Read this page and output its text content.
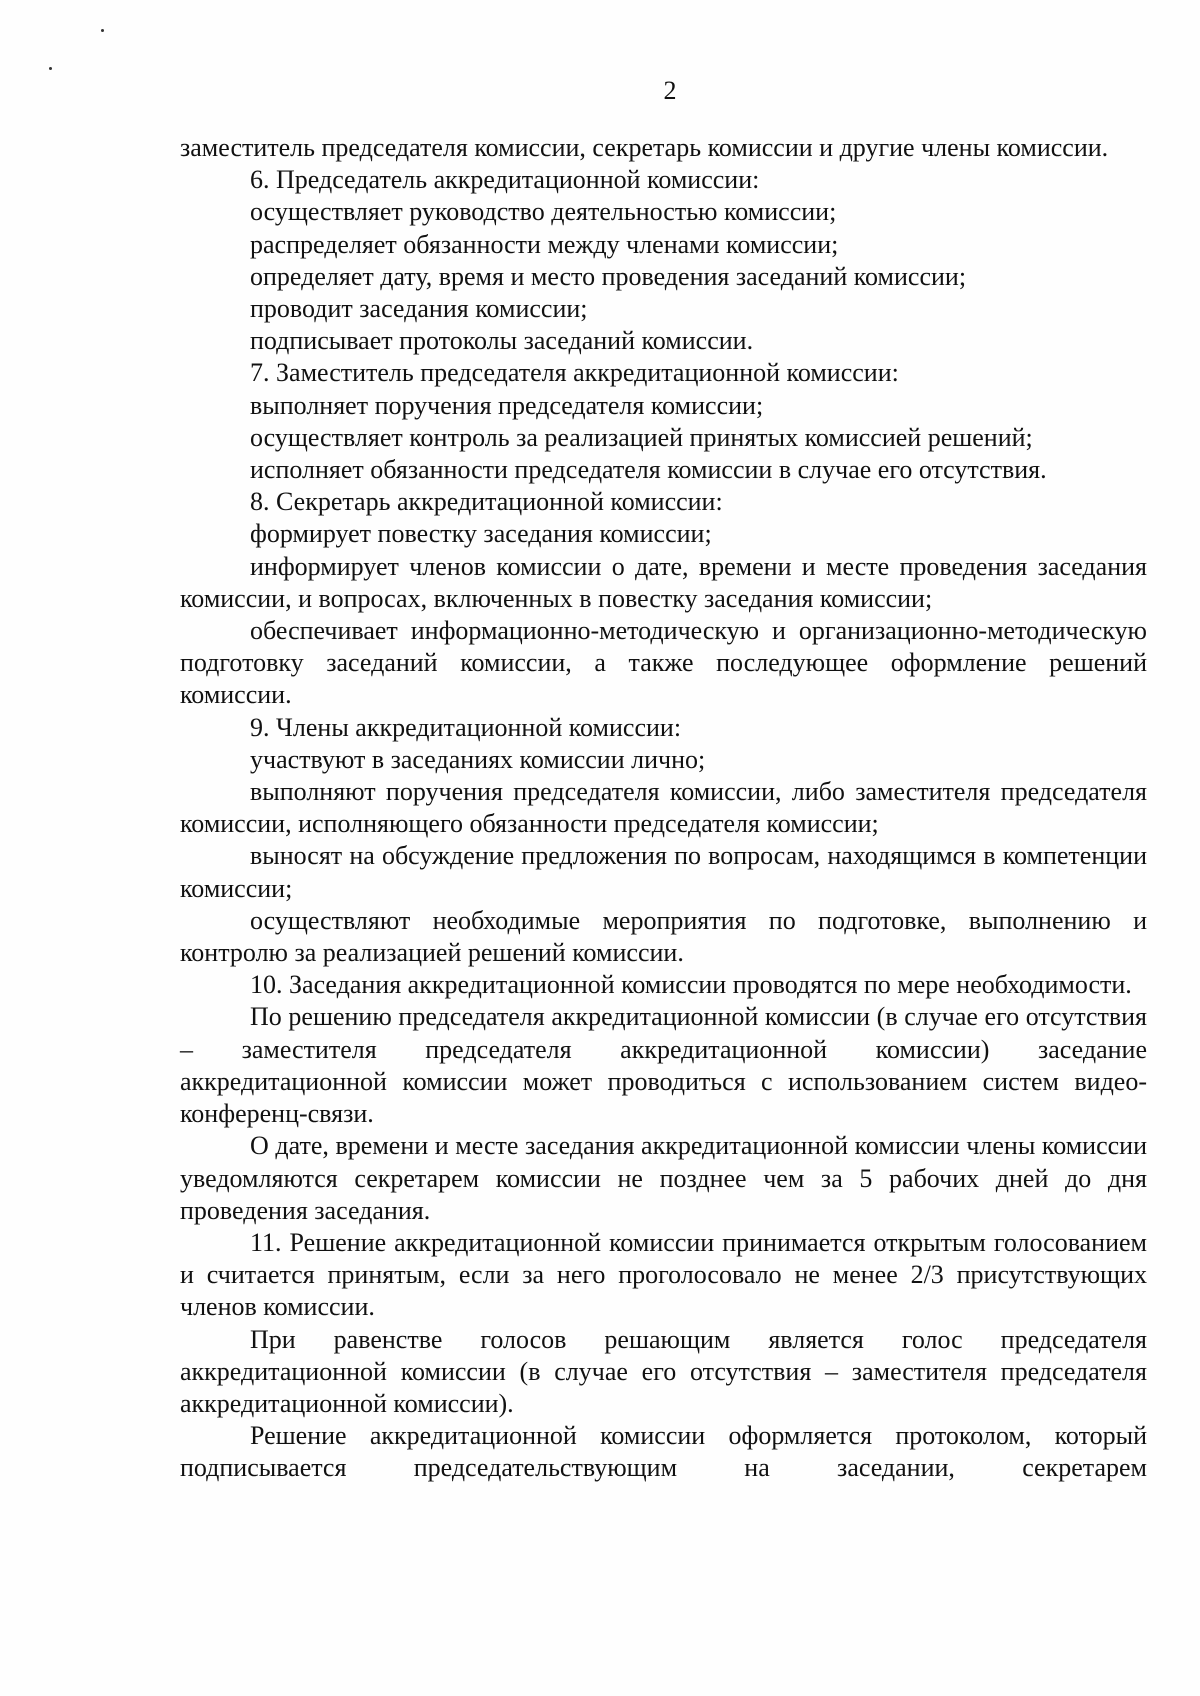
2

заместитель председателя комиссии, секретарь комиссии и другие члены комиссии.

6. Председатель аккредитационной комиссии:

осуществляет руководство деятельностью комиссии;

распределяет обязанности между членами комиссии;

определяет дату, время и место проведения заседаний комиссии;

проводит заседания комиссии;

подписывает протоколы заседаний комиссии.

7. Заместитель председателя аккредитационной комиссии:

выполняет поручения председателя комиссии;

осуществляет контроль за реализацией принятых комиссией решений;

исполняет обязанности председателя комиссии в случае его отсутствия.

8. Секретарь аккредитационной комиссии:

формирует повестку заседания комиссии;

информирует членов комиссии о дате, времени и месте проведения заседания комиссии, и вопросах, включенных в повестку заседания комиссии;

обеспечивает информационно-методическую и организационно-методическую подготовку заседаний комиссии, а также последующее оформление решений комиссии.

9. Члены аккредитационной комиссии:

участвуют в заседаниях комиссии лично;

выполняют поручения председателя комиссии, либо заместителя председателя комиссии, исполняющего обязанности председателя комиссии;

выносят на обсуждение предложения по вопросам, находящимся в компетенции комиссии;

осуществляют необходимые мероприятия по подготовке, выполнению и контролю за реализацией решений комиссии.

10. Заседания аккредитационной комиссии проводятся по мере необходимости.

По решению председателя аккредитационной комиссии (в случае его отсутствия – заместителя председателя аккредитационной комиссии) заседание аккредитационной комиссии может проводиться с использованием систем видео-конференц-связи.

О дате, времени и месте заседания аккредитационной комиссии члены комиссии уведомляются секретарем комиссии не позднее чем за 5 рабочих дней до дня проведения заседания.

11. Решение аккредитационной комиссии принимается открытым голосованием и считается принятым, если за него проголосовало не менее 2/3 присутствующих членов комиссии.

При равенстве голосов решающим является голос председателя аккредитационной комиссии (в случае его отсутствия – заместителя председателя аккредитационной комиссии).

Решение аккредитационной комиссии оформляется протоколом, который подписывается председательствующим на заседании, секретарем
